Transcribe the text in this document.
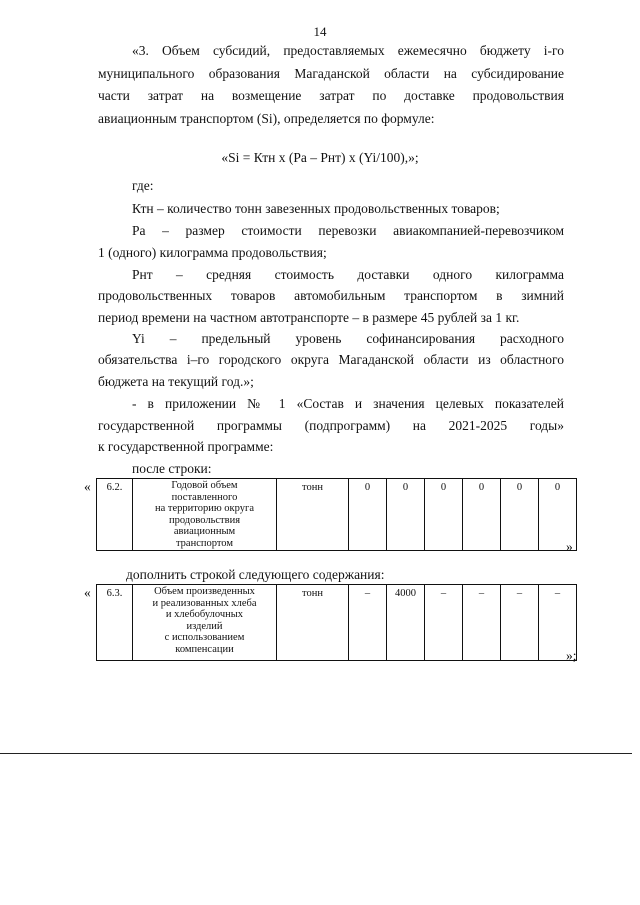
14
«3. Объем субсидий, предоставляемых ежемесячно бюджету i-го
муниципального образования Магаданской области на субсидирование
части затрат на возмещение затрат по доставке продовольствия
авиационным транспортом (Si), определяется по формуле:
«Si = Ктн х (Ра – Рнт) х (Yi/100),»;
где:
Ктн – количество тонн завезенных продовольственных товаров;
Ра – размер стоимости перевозки авиакомпанией-перевозчиком
1 (одного) килограмма продовольствия;
Рнт – средняя стоимость доставки одного килограмма
продовольственных товаров автомобильным транспортом в зимний
период времени на частном автотранспорте – в размере 45 рублей за 1 кг.
Yi – предельный уровень софинансирования расходного
обязательства i–го городского округа Магаданской области из областного
бюджета на текущий год.»;
- в приложении № 1 «Состав и значения целевых показателей
государственной программы (подпрограмм) на 2021-2025 годы»
к государственной программе:
после строки:
« 6.2.	Годовой объем
поставленного
на территорию округа
продовольствия
авиационным
транспортом
	тонн	0	0	0	0	0	0
»
дополнить строкой следующего содержания:
« 6.3.	Объем произведенных
и реализованных хлеба
и хлебобулочных
изделий
с использованием
компенсации
	тонн	–	4000	–	–	–	–
»;
